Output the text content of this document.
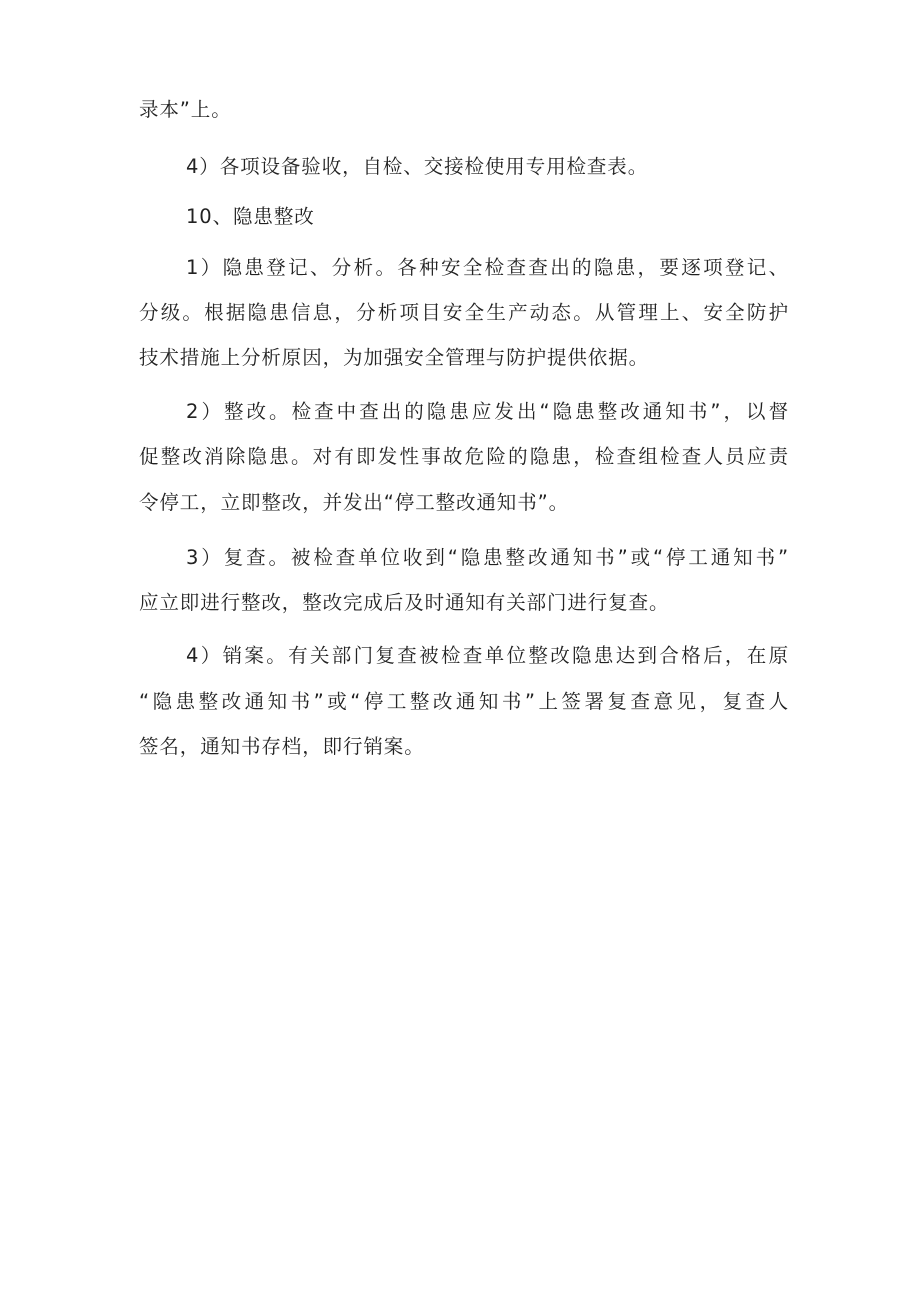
录本”上。
4）各项设备验收，自检、交接检使用专用检查表。
10、隐患整改
1）隐患登记、分析。各种安全检查查出的隐患，要逐项登记、
分级。根据隐患信息，分析项目安全生产动态。从管理上、安全防护
技术措施上分析原因，为加强安全管理与防护提供依据。
2）整改。检查中查出的隐患应发出“隐患整改通知书”，以督
促整改消除隐患。对有即发性事故危险的隐患，检查组检查人员应责
令停工，立即整改，并发出“停工整改通知书”。
3）复查。被检查单位收到“隐患整改通知书”或“停工通知书”
应立即进行整改，整改完成后及时通知有关部门进行复查。
4）销案。有关部门复查被检查单位整改隐患达到合格后，在原
“隐患整改通知书”或“停工整改通知书”上签署复查意见，复查人
签名，通知书存档，即行销案。
